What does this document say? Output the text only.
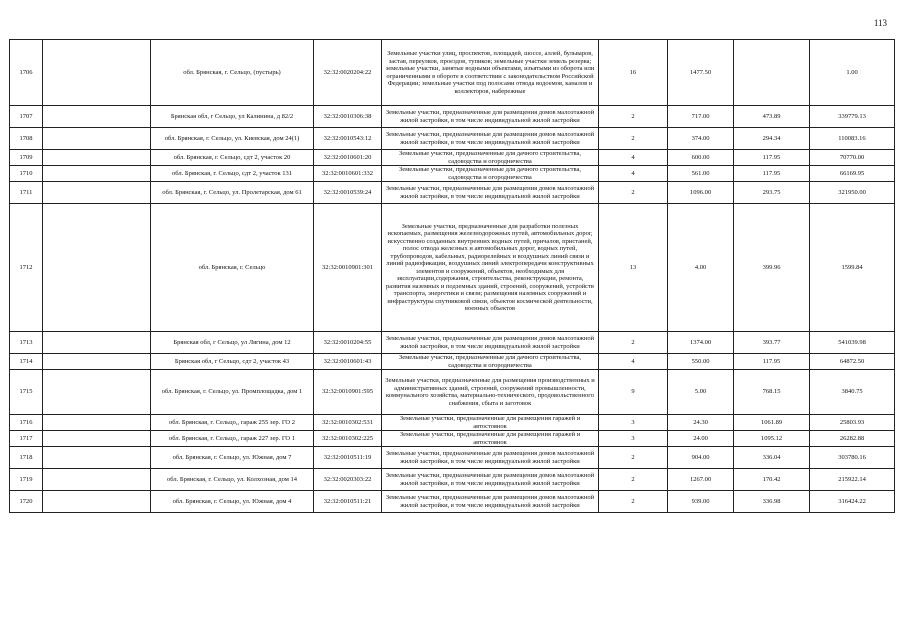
113
1706		обл. Брянская, г. Сельцо, (пустырь)	32:32:0020204:22	Земельные участки улиц, проспектов, площадей, шоссе, аллей, бульваров, застав, переулков, проездов, тупиков; земельные участки земель резерва; земельные участки, занятые водными объектами, изъятыми из оборота или ограниченными в обороте в соответствии с законодательством Российской Федерации; земельные участки под полосами отвода водоемов, каналов и коллекторов, набережные	16	1477.50		1.00
1707		Брянская обл, г Сельцо, ул Калинина, д 82/2	32:32:0010306:38	Земельные участки, предназначенные для размещения домов малоэтажной жилой застройки, в том числе индивидуальной жилой застройки	2	717.00	473.89	339779.13
1708		обл. Брянская, г. Сельцо, ул. Киевская, дом 24(1)	32:32:0010543:12	Земельные участки, предназначенные для размещения домов малоэтажной жилой застройки, в том числе индивидуальной жилой застройки	2	374.00	294.34	110083.16
1709		обл. Брянская, г. Сельцо, сдт 2, участок 20	32:32:0010601:20	Земельные участки, предназначенные для дачного строительства, садоводства и огородничества	4	600.00	117.95	70770.00
1710		обл. Брянская, г. Сельцо, сдт 2, участок 131	32:32:0010601:332	Земельные участки, предназначенные для дачного строительства, садоводства и огородничества	4	561.00	117.95	66169.95
1711		обл. Брянская, г. Сельцо, ул. Пролетарская, дом 61	32:32:0010539:24	Земельные участки, предназначенные для размещения домов малоэтажной жилой застройки, в том числе индивидуальной жилой застройки	2	1096.00	293.75	321950.00
1712		обл. Брянская, г. Сельцо	32:32:0010901:301	Земельные участки, предназначенные для разработки полезных ископаемых, размещения железнодорожных путей, автомобильных дорог, искусственно созданных внутренних водных путей, причалов, пристаней, полос отвода железных и автомобильных дорог, водных путей, трубопроводов, кабельных, радиорелейных и воздушных линий связи и линий радиофикации, воздушных линий электропередачи конструктивных элементов и сооружений, объектов, необходимых для эксплуатации,содержания, строительства, реконструкции, ремонта, развития наземных и подземных зданий, строений, сооружений, устройств транспорта, энергетики и связи; размещения наземных сооружений и инфраструктуры спутниковой связи, объектов космической деятельности, военных объектов	13	4.00	399.96	1599.84
1713		Брянская обл, г Сельцо, ул Лягина, дом 12	32:32:0010204:55	Земельные участки, предназначенные для размещения домов малоэтажной жилой застройки, в том числе индивидуальной жилой застройки	2	1374.00	393.77	541039.98
1714		Брянская обл, г Сельцо, сдт 2, участок 43	32:32:0010601:43	Земельные участки, предназначенные для дачного строительства, садоводства и огородничества	4	550.00	117.95	64872.50
1715		обл. Брянская, г. Сельцо, ул. Промплощадка, дом 1	32:32:0010901:595	Земельные участки, предназначенные для размещения производственных и административных зданий, строений, сооружений промышленности, коммунального хозяйства, материально-технического, продовольственного снабжения, сбыта и заготовок	9	5.00	768.15	3840.75
1716		обл. Брянская, г. Сельцо,, гараж 255 зер. ГО 2	32:32:0010302:531	Земельные участки, предназначенные для размещения гаражей и автостоянок	3	24.30	1061.89	25803.93
1717		обл. Брянская, г. Сельцо,, гараж 227 зер. ГО 1	32:32:0010302:225	Земельные участки, предназначенные для размещения гаражей и автостоянок	3	24.00	1095.12	26282.88
1718		обл. Брянская, г. Сельцо, ул. Южная, дом 7	32:32:0010511:19	Земельные участки, предназначенные для размещения домов малоэтажной жилой застройки, в том числе индивидуальной жилой застройки	2	904.00	336.04	303780.16
1719		обл. Брянская, г. Сельцо, ул. Колхозная, дом 14	32:32:0020303:22	Земельные участки, предназначенные для размещения домов малоэтажной жилой застройки, в том числе индивидуальной жилой застройки	2	1267.00	170.42	215922.14
1720		обл. Брянская, г. Сельцо, ул. Южная, дом 4	32:32:0010511:21	Земельные участки, предназначенные для размещения домов малоэтажной жилой застройки, в том числе индивидуальной жилой застройки	2	939.00	336.98	316424.22
